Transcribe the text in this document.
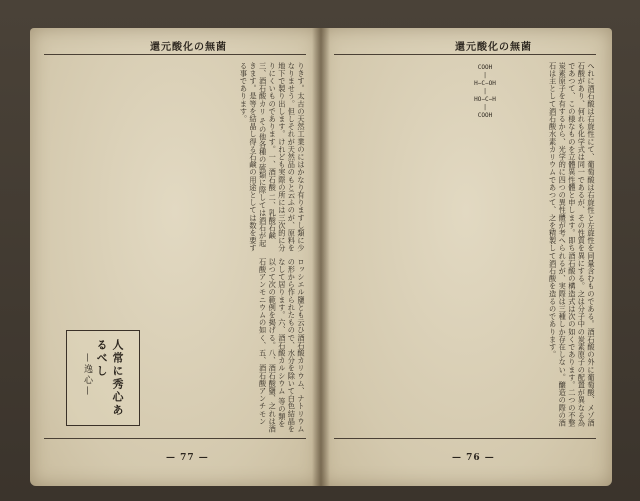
還元酸化の無菌	還元酸化の無菌

りきす。太古の天然工業のにはかなり有りますし類に少なりませう。但しそれが天然品のもと云ふのが、原料を地下で製り出します。けれども実際の所には三次的に分りにくいものであります。一、酒石酸 二、乳酸石鹸 三、酒石酸カリ その他各種の硫類に際しては酒石が起きます。是等を結晶し得る石鹸の用途としては数を要する事であります。

ロッシエル鹽とも云ひ酒石酸カリウム、ナトリウムの形から作られたもので、水分を除いて白色結晶をなして居ります。六、酒石酸カルシウム 等の類を以つて次の範例を掲げる。八、酒石酸鹽、之れは酒石酸アンモニウムの如く、五、酒石酸アンチモン

人常に秀心あるべし
—逸心—	へれに酒石酸は右旋性にて、葡萄酸は右旋性と左旋性を同量含むものである。酒石酸の外に葡萄酸、メゾ酒石酸があり、何れも化学式は同一であるが、その性質を異にする。之は分子中の炭素原子の配置が異なる為であつて、この様なものを立體異性體と申します。即ち酒石酸の構造式は次の如くであります。二つの不整炭素原子を有するから、光学的に四つの異性體が考へられるが、実際は三種しか存在しない。醸造の際の酒石は主として酒石酸水素カリウムであつて、之を精製して酒石酸を造るのであります。

COOH
|
H−C−OH
|
HO−C−H
|
COOH
— 77 —	— 76 —
